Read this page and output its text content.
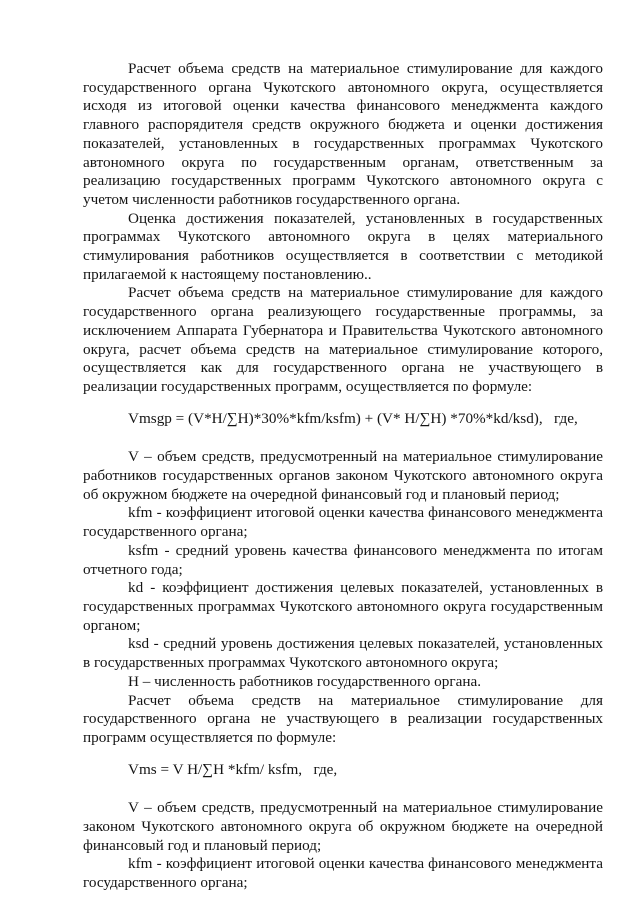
Расчет объема средств на материальное стимулирование для каждого государственного органа Чукотского автономного округа, осуществляется исходя из итоговой оценки качества финансового менеджмента каждого главного распорядителя средств окружного бюджета и оценки достижения показателей, установленных в государственных программах Чукотского автономного округа по государственным органам, ответственным за реализацию государственных программ Чукотского автономного округа с учетом численности работников государственного органа.

Оценка достижения показателей, установленных в государственных программах Чукотского автономного округа в целях материального стимулирования работников осуществляется в соответствии с методикой прилагаемой к настоящему постановлению..

Расчет объема средств на материальное стимулирование для каждого государственного органа реализующего государственные программы, за исключением Аппарата Губернатора и Правительства Чукотского автономного округа, расчет объема средств на материальное стимулирование которого, осуществляется как для государственного органа не участвующего в реализации государственных программ, осуществляется по формуле:

Vmsgp = (V*H/∑H)*30%*kfm/ksfm) + (V* H/∑H) *70%*kd/ksd),   где,

V – объем средств, предусмотренный на материальное стимулирование работников государственных органов законом Чукотского автономного округа об окружном бюджете на очередной финансовый год и плановый период;

kfm - коэффициент итоговой оценки качества финансового менеджмента государственного органа;

ksfm - средний уровень качества финансового менеджмента по итогам отчетного года;

kd - коэффициент достижения целевых показателей, установленных в государственных программах Чукотского автономного округа государственным органом;

ksd - средний уровень достижения целевых показателей, установленных в государственных программах Чукотского автономного округа;

H – численность работников государственного органа.

Расчет объема средств на материальное стимулирование для государственного органа не участвующего в реализации государственных программ осуществляется по формуле:

Vms = V H/∑H *kfm/ ksfm,   где,

V – объем средств, предусмотренный на материальное стимулирование законом Чукотского автономного округа об окружном бюджете на очередной финансовый год и плановый период;

kfm - коэффициент итоговой оценки качества финансового менеджмента государственного органа;
